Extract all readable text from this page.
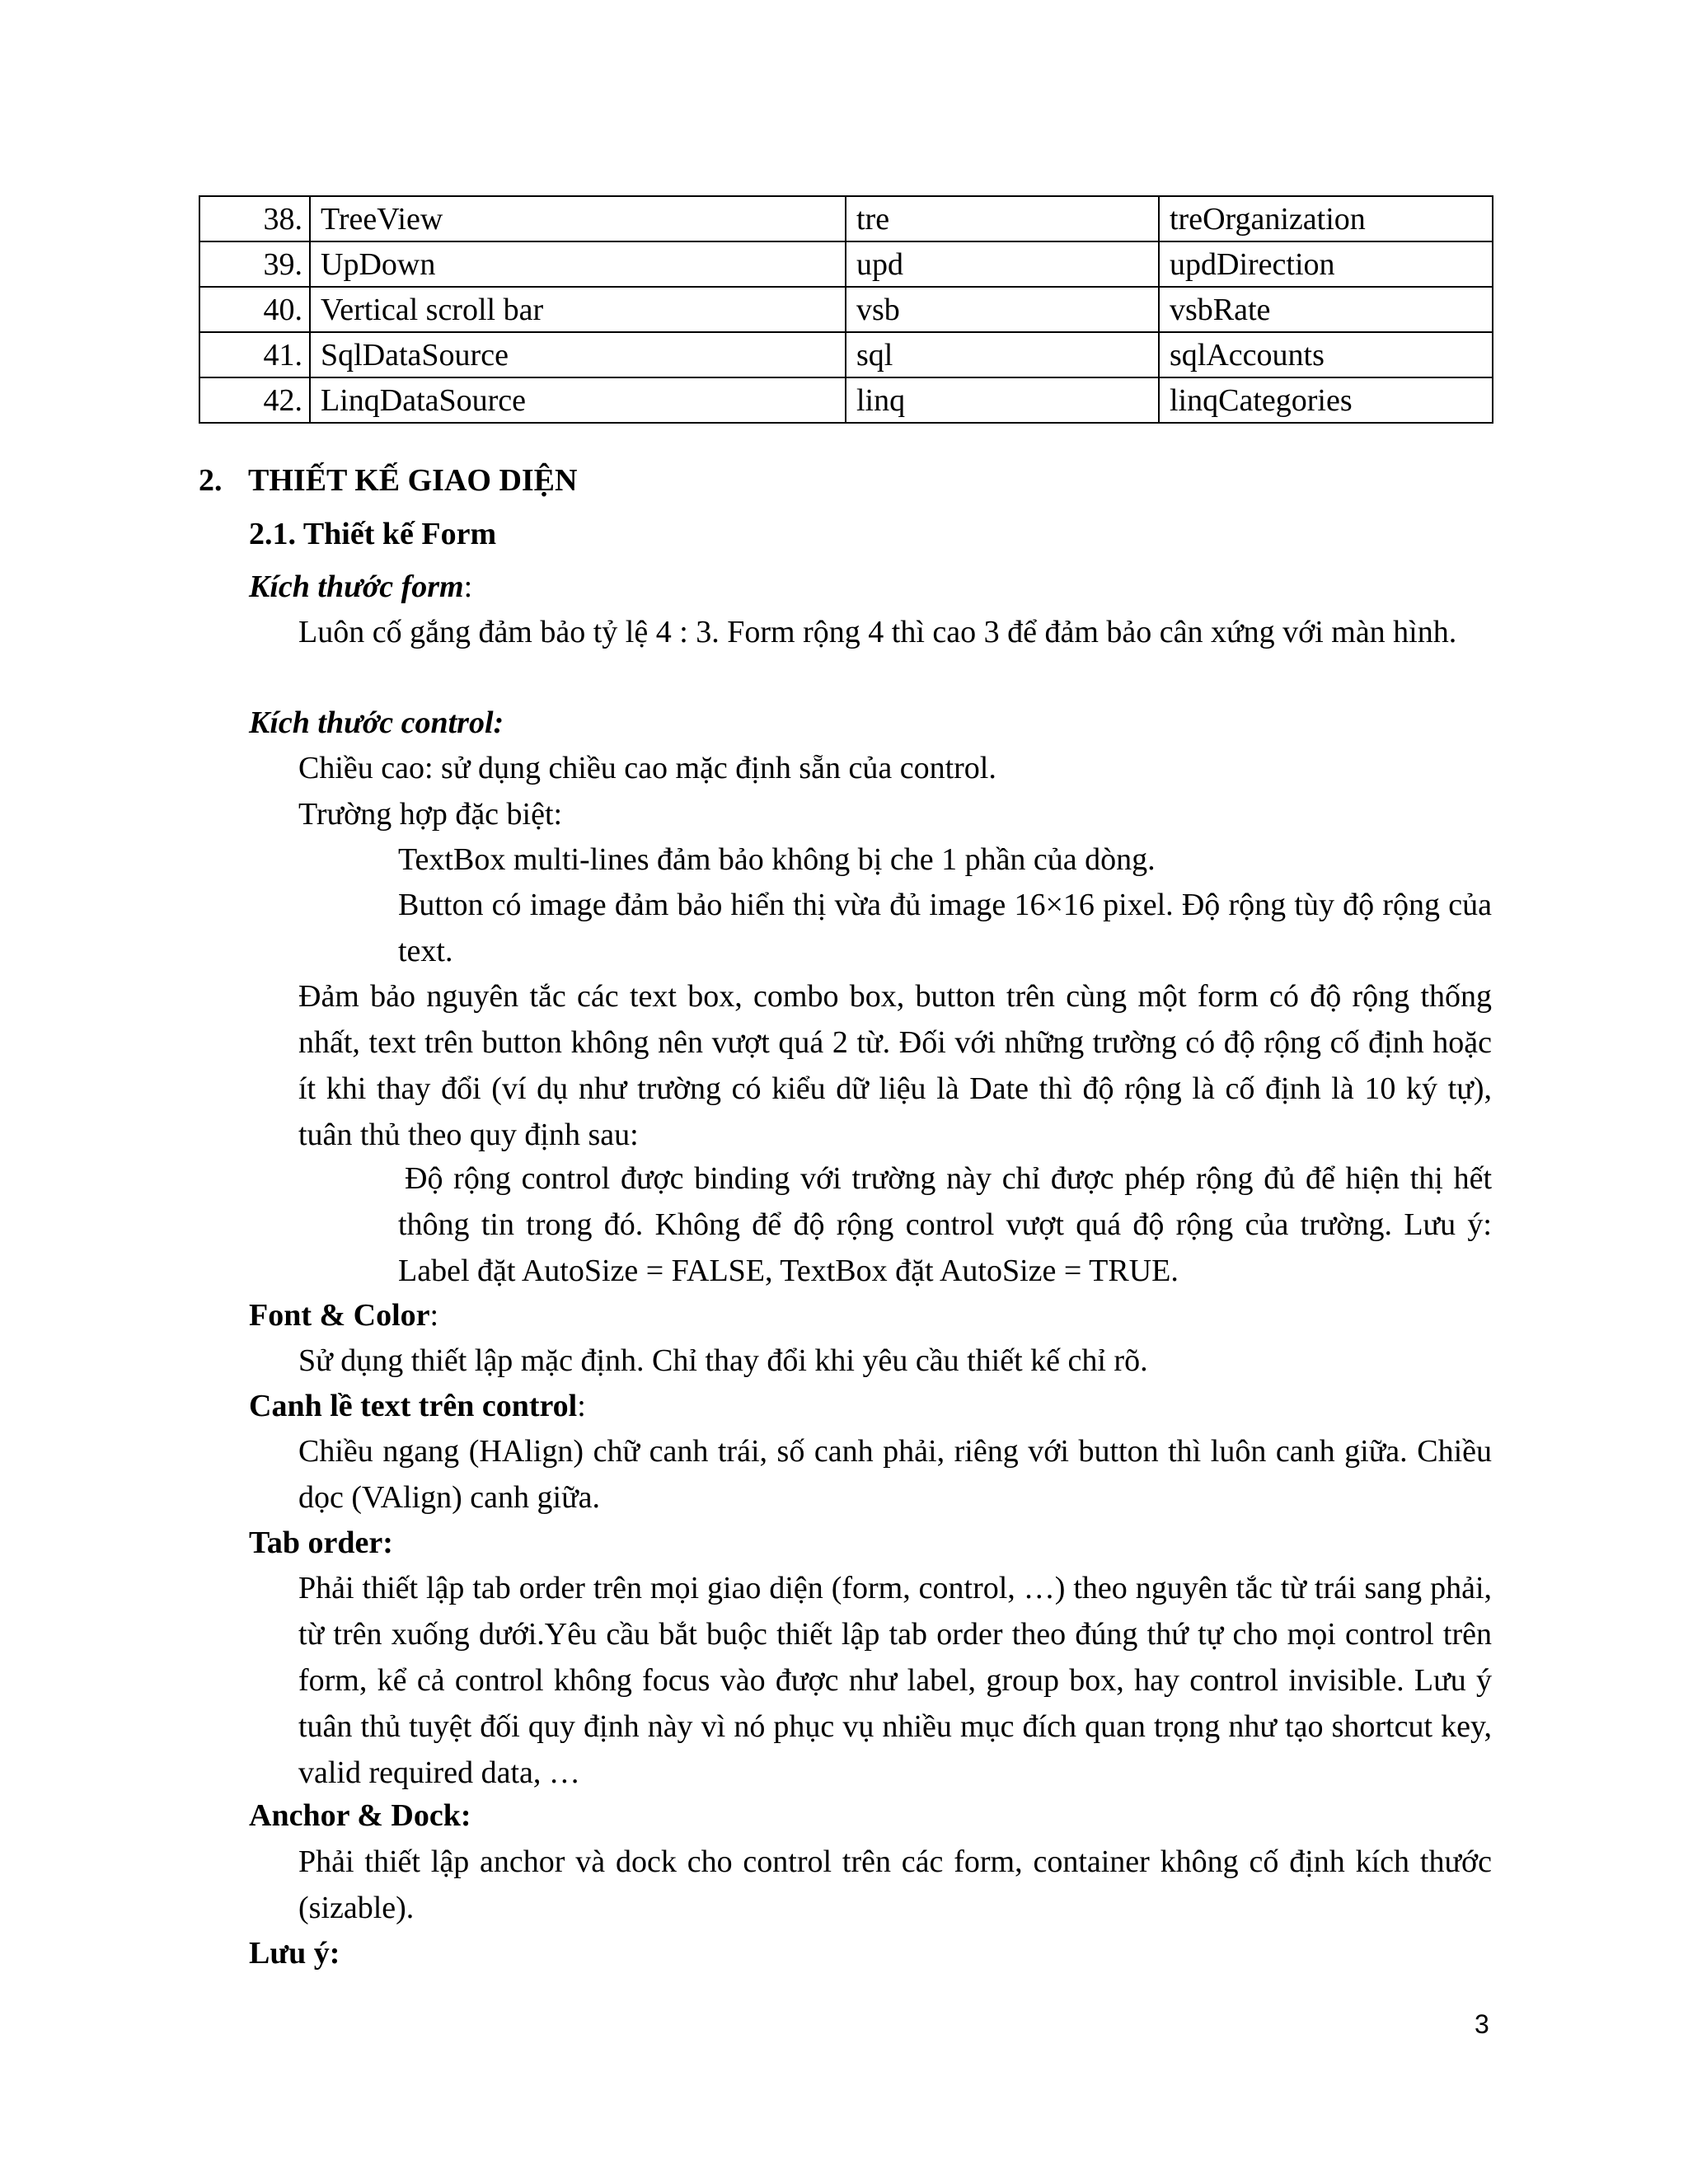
38.	TreeView	tre	treOrganization
39.	UpDown	upd	updDirection
40.	Vertical scroll bar	vsb	vsbRate
41.	SqlDataSource	sql	sqlAccounts
42.	LinqDataSource	linq	linqCategories
2. THIẾT KẾ GIAO DIỆN
2.1. Thiết kế Form
Kích thước form:
Luôn cố gắng đảm bảo tỷ lệ 4 : 3. Form rộng 4 thì cao 3 để đảm bảo cân xứng với màn hình.
Kích thước control:
Chiều cao: sử dụng chiều cao mặc định sẵn của control.
Trường hợp đặc biệt:
TextBox multi-lines đảm bảo không bị che 1 phần của dòng.
Button có image đảm bảo hiển thị vừa đủ image 16×16 pixel. Độ rộng tùy độ rộng của text.
Đảm bảo nguyên tắc các text box, combo box, button trên cùng một form có độ rộng thống nhất, text trên button không nên vượt quá 2 từ. Đối với những trường có độ rộng cố định hoặc ít khi thay đổi (ví dụ như trường có kiểu dữ liệu là Date thì độ rộng là cố định là 10 ký tự), tuân thủ theo quy định sau:
Độ rộng control được binding với trường này chỉ được phép rộng đủ để hiện thị hết thông tin trong đó. Không để độ rộng control vượt quá độ rộng của trường. Lưu ý: Label đặt AutoSize = FALSE, TextBox đặt AutoSize = TRUE.
Font & Color:
Sử dụng thiết lập mặc định. Chỉ thay đổi khi yêu cầu thiết kế chỉ rõ.
Canh lề text trên control:
Chiều ngang (HAlign) chữ canh trái, số canh phải, riêng với button thì luôn canh giữa. Chiều dọc (VAlign) canh giữa.
Tab order:
Phải thiết lập tab order trên mọi giao diện (form, control, …) theo nguyên tắc từ trái sang phải, từ trên xuống dưới.Yêu cầu bắt buộc thiết lập tab order theo đúng thứ tự cho mọi control trên form, kể cả control không focus vào được như label, group box, hay control invisible. Lưu ý tuân thủ tuyệt đối quy định này vì nó phục vụ nhiều mục đích quan trọng như tạo shortcut key, valid required data, …
Anchor & Dock:
Phải thiết lập anchor và dock cho control trên các form, container không cố định kích thước (sizable).
Lưu ý:
3
